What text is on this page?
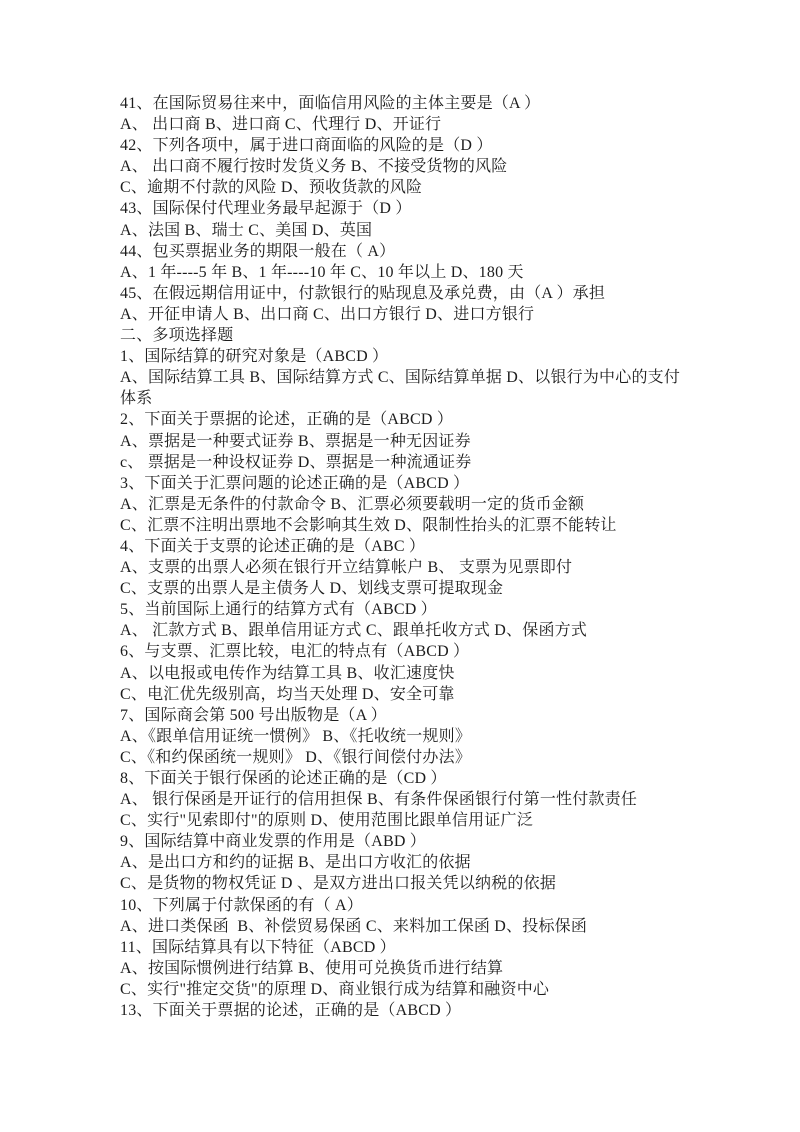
41、在国际贸易往来中，面临信用风险的主体主要是（A ）
A、 出口商 B、进口商 C、代理行 D、开证行
42、下列各项中，属于进口商面临的风险的是（D ）
A、 出口商不履行按时发货义务 B、不接受货物的风险
C、逾期不付款的风险 D、预收货款的风险
43、国际保付代理业务最早起源于（D ）
A、法国 B、瑞士 C、美国 D、英国
44、包买票据业务的期限一般在（ A）
A、1 年----5 年 B、1 年----10 年 C、10 年以上 D、180 天
45、在假远期信用证中，付款银行的贴现息及承兑费，由（A ）承担
A、开征申请人 B、出口商 C、出口方银行 D、进口方银行
二、多项选择题
1、国际结算的研究对象是（ABCD ）
A、国际结算工具 B、国际结算方式 C、国际结算单据 D、以银行为中心的支付
体系
2、下面关于票据的论述，正确的是（ABCD ）
A、票据是一种要式证券 B、票据是一种无因证券
c、 票据是一种设权证券 D、票据是一种流通证券
3、下面关于汇票问题的论述正确的是（ABCD ）
A、汇票是无条件的付款命令 B、汇票必须要载明一定的货币金额
C、汇票不注明出票地不会影响其生效 D、限制性抬头的汇票不能转让
4、下面关于支票的论述正确的是（ABC ）
A、支票的出票人必须在银行开立结算帐户 B、 支票为见票即付
C、支票的出票人是主债务人 D、划线支票可提取现金
5、当前国际上通行的结算方式有（ABCD ）
A、 汇款方式 B、跟单信用证方式 C、跟单托收方式 D、保函方式
6、与支票、汇票比较，电汇的特点有（ABCD ）
A、以电报或电传作为结算工具 B、收汇速度快
C、电汇优先级别高，均当天处理 D、安全可靠
7、国际商会第 500 号出版物是（A ）
A、《跟单信用证统一惯例》 B、《托收统一规则》
C、《和约保函统一规则》 D、《银行间偿付办法》
8、下面关于银行保函的论述正确的是（CD ）
A、 银行保函是开证行的信用担保 B、有条件保函银行付第一性付款责任
C、实行"见索即付"的原则 D、使用范围比跟单信用证广泛
9、国际结算中商业发票的作用是（ABD ）
A、是出口方和约的证据 B、是出口方收汇的依据
C、是货物的物权凭证 D 、是双方进出口报关凭以纳税的依据
10、下列属于付款保函的有（ A）
A、进口类保函  B、补偿贸易保函 C、来料加工保函 D、投标保函
11、国际结算具有以下特征（ABCD ）
A、按国际惯例进行结算 B、使用可兑换货币进行结算
C、实行"推定交货"的原理 D、商业银行成为结算和融资中心
13、下面关于票据的论述，正确的是（ABCD ）
